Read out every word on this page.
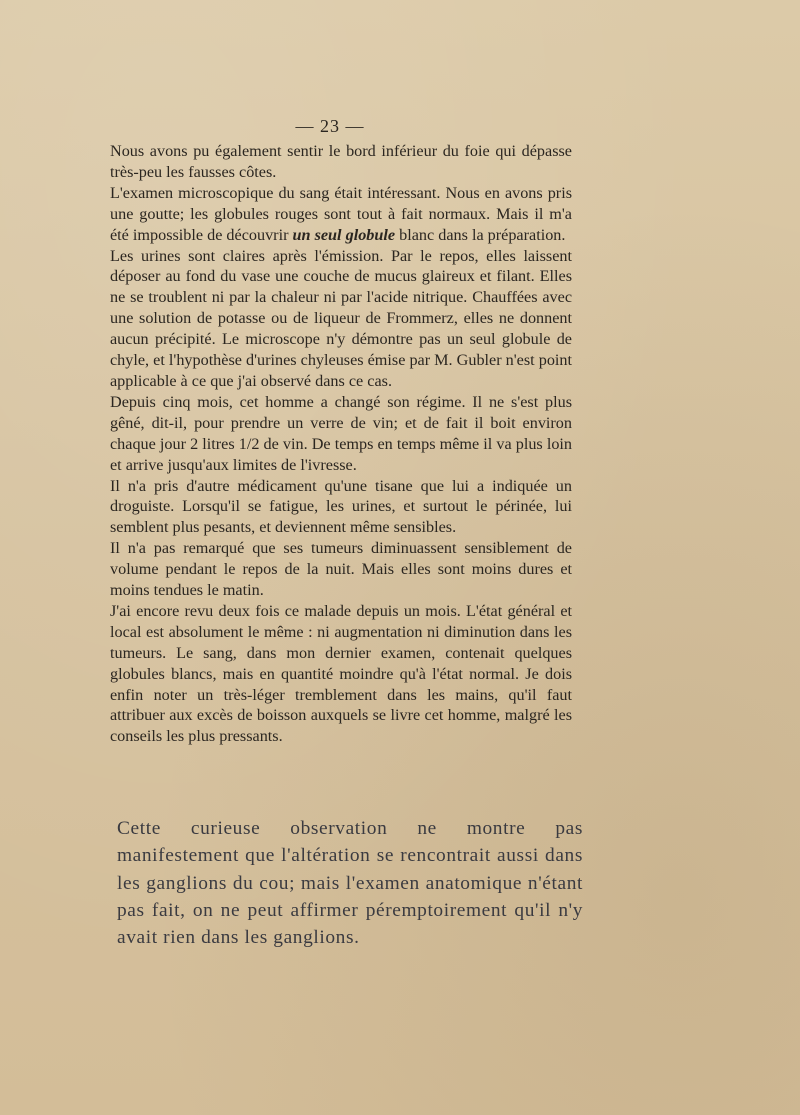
— 23 —

Nous avons pu également sentir le bord inférieur du foie qui dépasse très-peu les fausses côtes.

L'examen microscopique du sang était intéressant. Nous en avons pris une goutte; les globules rouges sont tout à fait normaux. Mais il m'a été impossible de découvrir un seul globule blanc dans la préparation.

Les urines sont claires après l'émission. Par le repos, elles laissent déposer au fond du vase une couche de mucus glaireux et filant. Elles ne se troublent ni par la chaleur ni par l'acide nitrique. Chauffées avec une solution de potasse ou de liqueur de Frommerz, elles ne donnent aucun précipité. Le microscope n'y démontre pas un seul globule de chyle, et l'hypothèse d'urines chyleuses émise par M. Gubler n'est point applicable à ce que j'ai observé dans ce cas.

Depuis cinq mois, cet homme a changé son régime. Il ne s'est plus gêné, dit-il, pour prendre un verre de vin; et de fait il boit environ chaque jour 2 litres 1/2 de vin. De temps en temps même il va plus loin et arrive jusqu'aux limites de l'ivresse.

Il n'a pris d'autre médicament qu'une tisane que lui a indiquée un droguiste. Lorsqu'il se fatigue, les urines, et surtout le périnée, lui semblent plus pesants, et deviennent même sensibles.

Il n'a pas remarqué que ses tumeurs diminuassent sensiblement de volume pendant le repos de la nuit. Mais elles sont moins dures et moins tendues le matin.

J'ai encore revu deux fois ce malade depuis un mois. L'état général et local est absolument le même : ni augmentation ni diminution dans les tumeurs. Le sang, dans mon dernier examen, contenait quelques globules blancs, mais en quantité moindre qu'à l'état normal. Je dois enfin noter un très-léger tremblement dans les mains, qu'il faut attribuer aux excès de boisson auxquels se livre cet homme, malgré les conseils les plus pressants.

Cette curieuse observation ne montre pas manifestement que l'altération se rencontrait aussi dans les ganglions du cou; mais l'examen anatomique n'étant pas fait, on ne peut affirmer péremptoirement qu'il n'y avait rien dans les ganglions.
